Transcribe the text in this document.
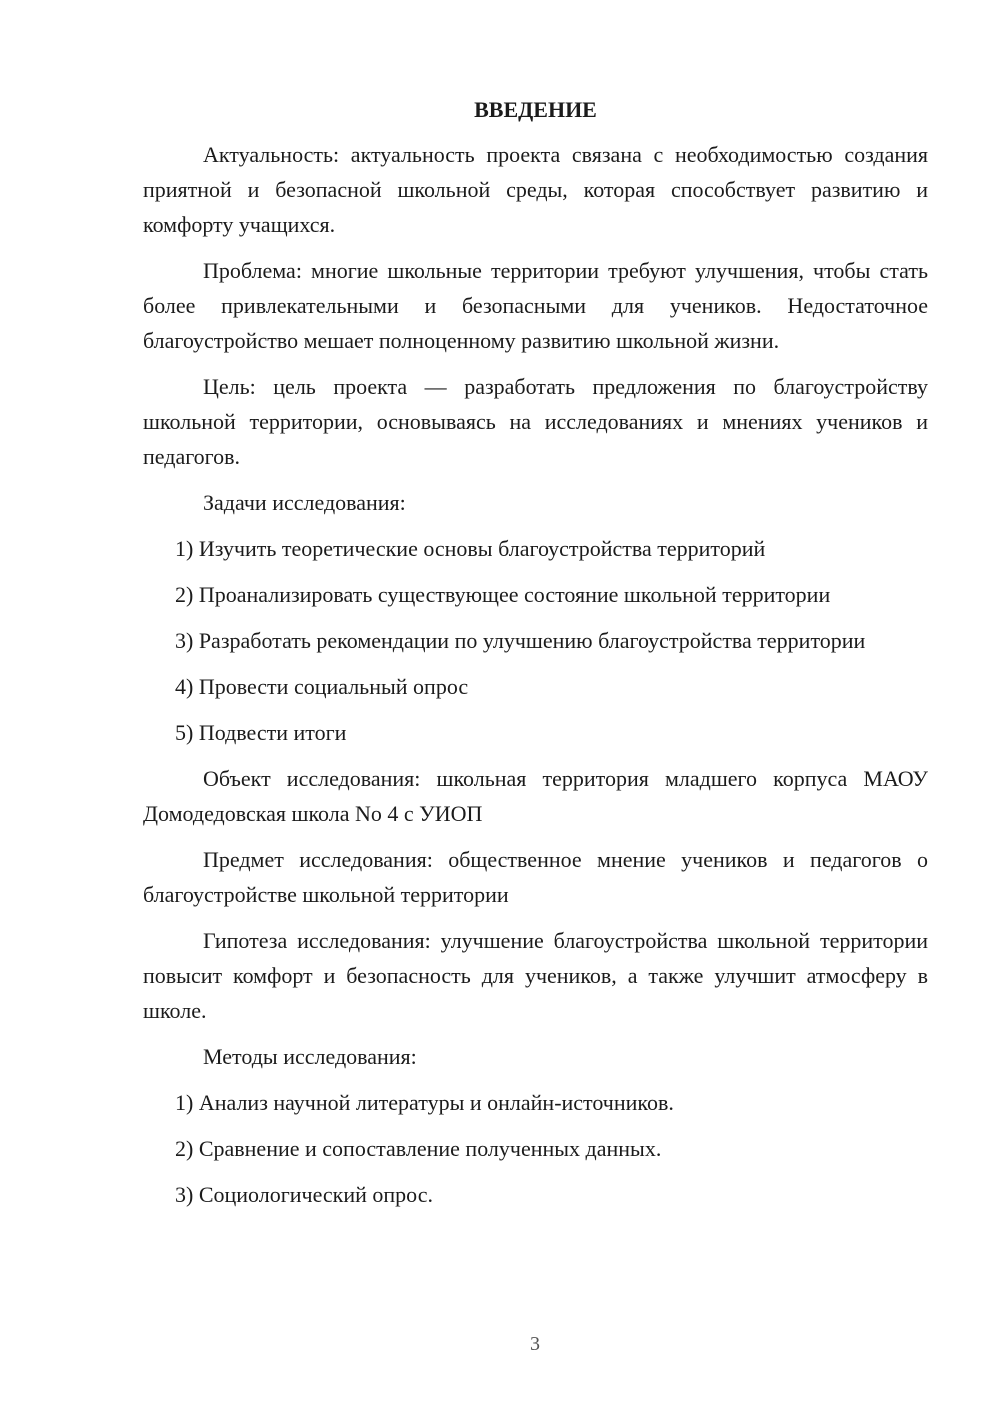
ВВЕДЕНИЕ

Актуальность: актуальность проекта связана с необходимостью создания приятной и безопасной школьной среды, которая способствует развитию и комфорту учащихся.

Проблема: многие школьные территории требуют улучшения, чтобы стать более привлекательными и безопасными для учеников. Недостаточное благоустройство мешает полноценному развитию школьной жизни.

Цель: цель проекта — разработать предложения по благоустройству школьной территории, основываясь на исследованиях и мнениях учеников и педагогов.

Задачи исследования:

1) Изучить теоретические основы благоустройства территорий

2) Проанализировать существующее состояние школьной территории

3) Разработать рекомендации по улучшению благоустройства территории

4) Провести социальный опрос

5) Подвести итоги

Объект исследования: школьная территория младшего корпуса МАОУ Домодедовская школа No 4 с УИОП

Предмет исследования: общественное мнение учеников и педагогов о благоустройстве школьной территории

Гипотеза исследования: улучшение благоустройства школьной территории повысит комфорт и безопасность для учеников, а также улучшит атмосферу в школе.

Методы исследования:

1) Анализ научной литературы и онлайн-источников.

2) Сравнение и сопоставление полученных данных.

3) Социологический опрос.

3
